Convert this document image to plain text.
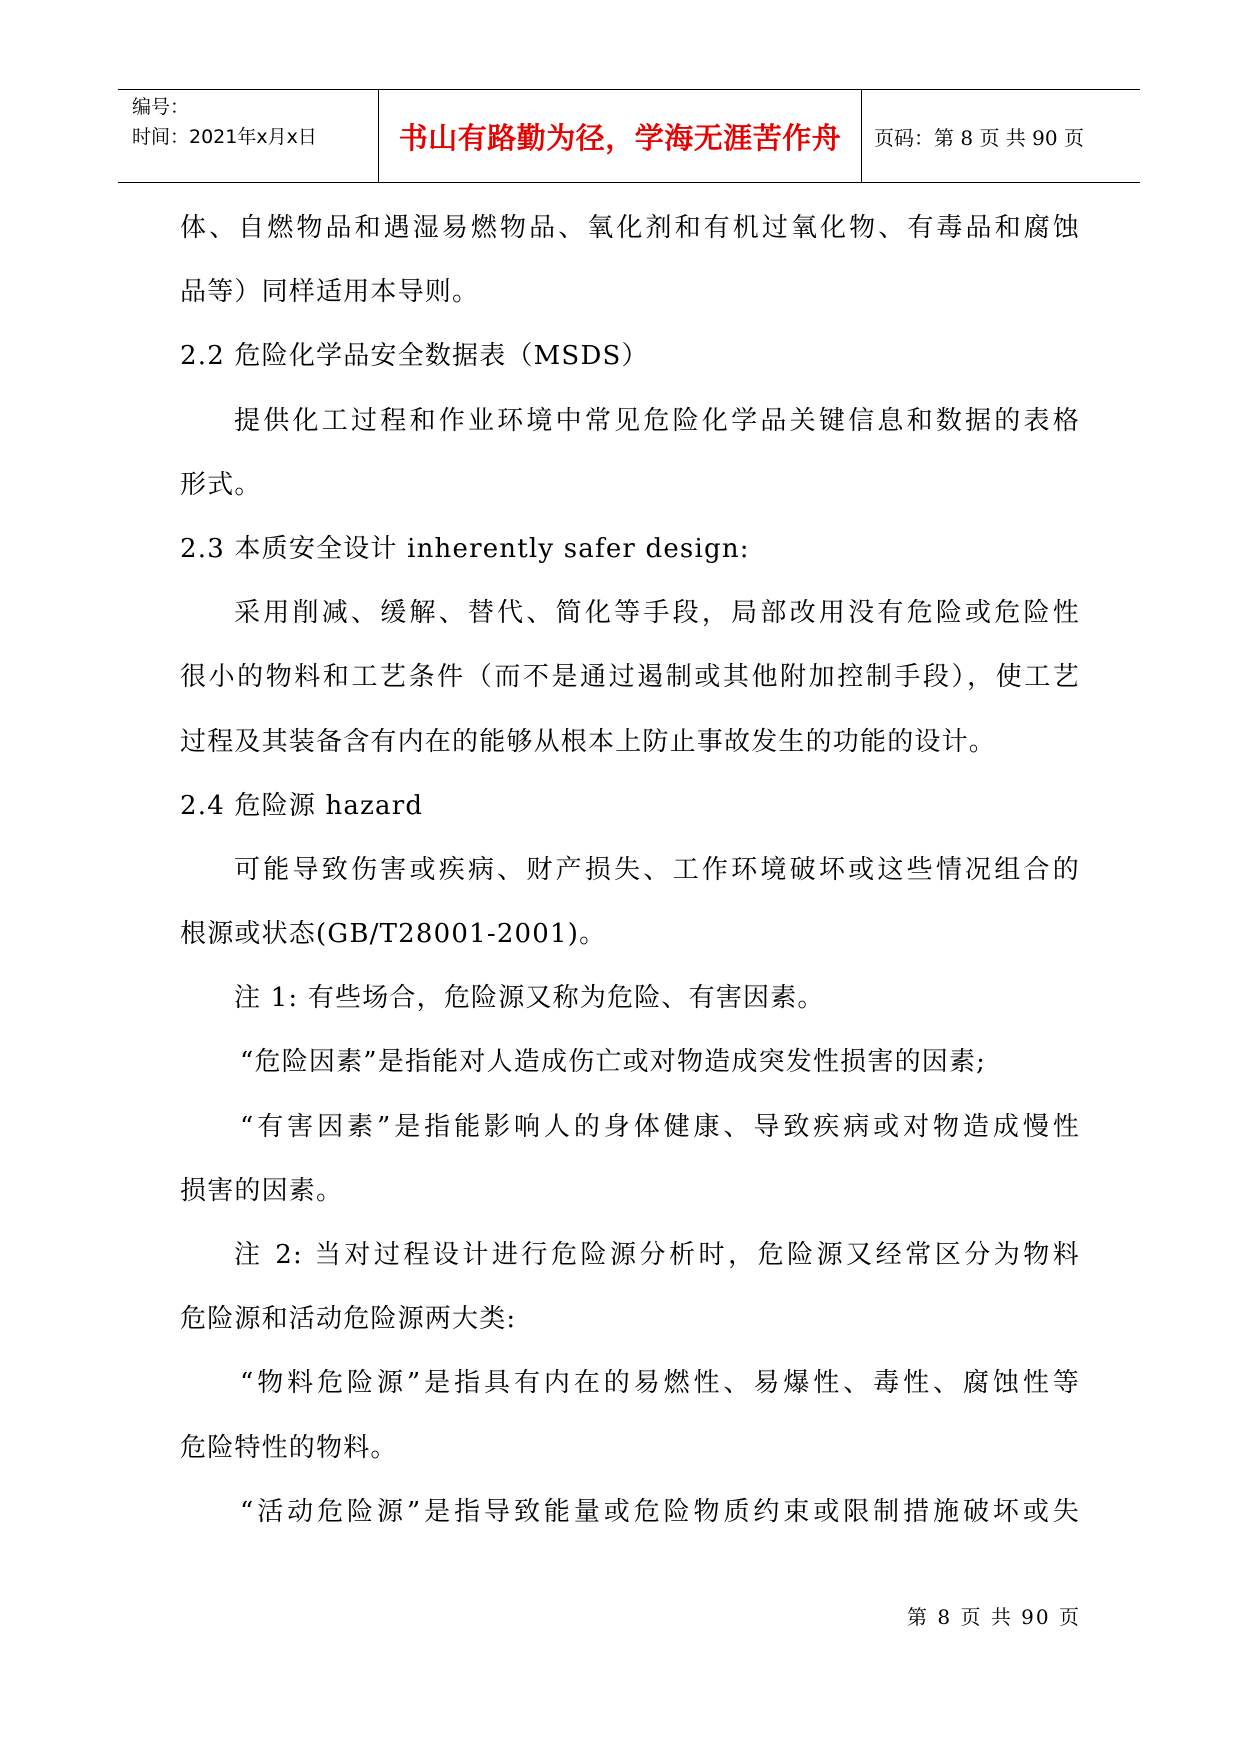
编号：
时间：2021年x月x日	书山有路勤为径，学海无涯苦作舟 页码：第 8 页 共 90 页
体、自燃物品和遇湿易燃物品、氧化剂和有机过氧化物、有毒品和腐蚀
品等）同样适用本导则。
2.2 危险化学品安全数据表（MSDS）
提供化工过程和作业环境中常见危险化学品关键信息和数据的表格
形式。
2.3 本质安全设计 inherently safer design:
采用削减、缓解、替代、简化等手段，局部改用没有危险或危险性
很小的物料和工艺条件（而不是通过遏制或其他附加控制手段），使工艺
过程及其装备含有内在的能够从根本上防止事故发生的功能的设计。
2.4 危险源 hazard
可能导致伤害或疾病、财产损失、工作环境破坏或这些情况组合的
根源或状态(GB/T28001-2001)。
注 1: 有些场合，危险源又称为危险、有害因素。
“危险因素”是指能对人造成伤亡或对物造成突发性损害的因素;
“有害因素”是指能影响人的身体健康、导致疾病或对物造成慢性
损害的因素。
注 2: 当对过程设计进行危险源分析时，危险源又经常区分为物料
危险源和活动危险源两大类:
“物料危险源”是指具有内在的易燃性、易爆性、毒性、腐蚀性等
危险特性的物料。
“活动危险源”是指导致能量或危险物质约束或限制措施破坏或失
第 8 页 共 90 页
